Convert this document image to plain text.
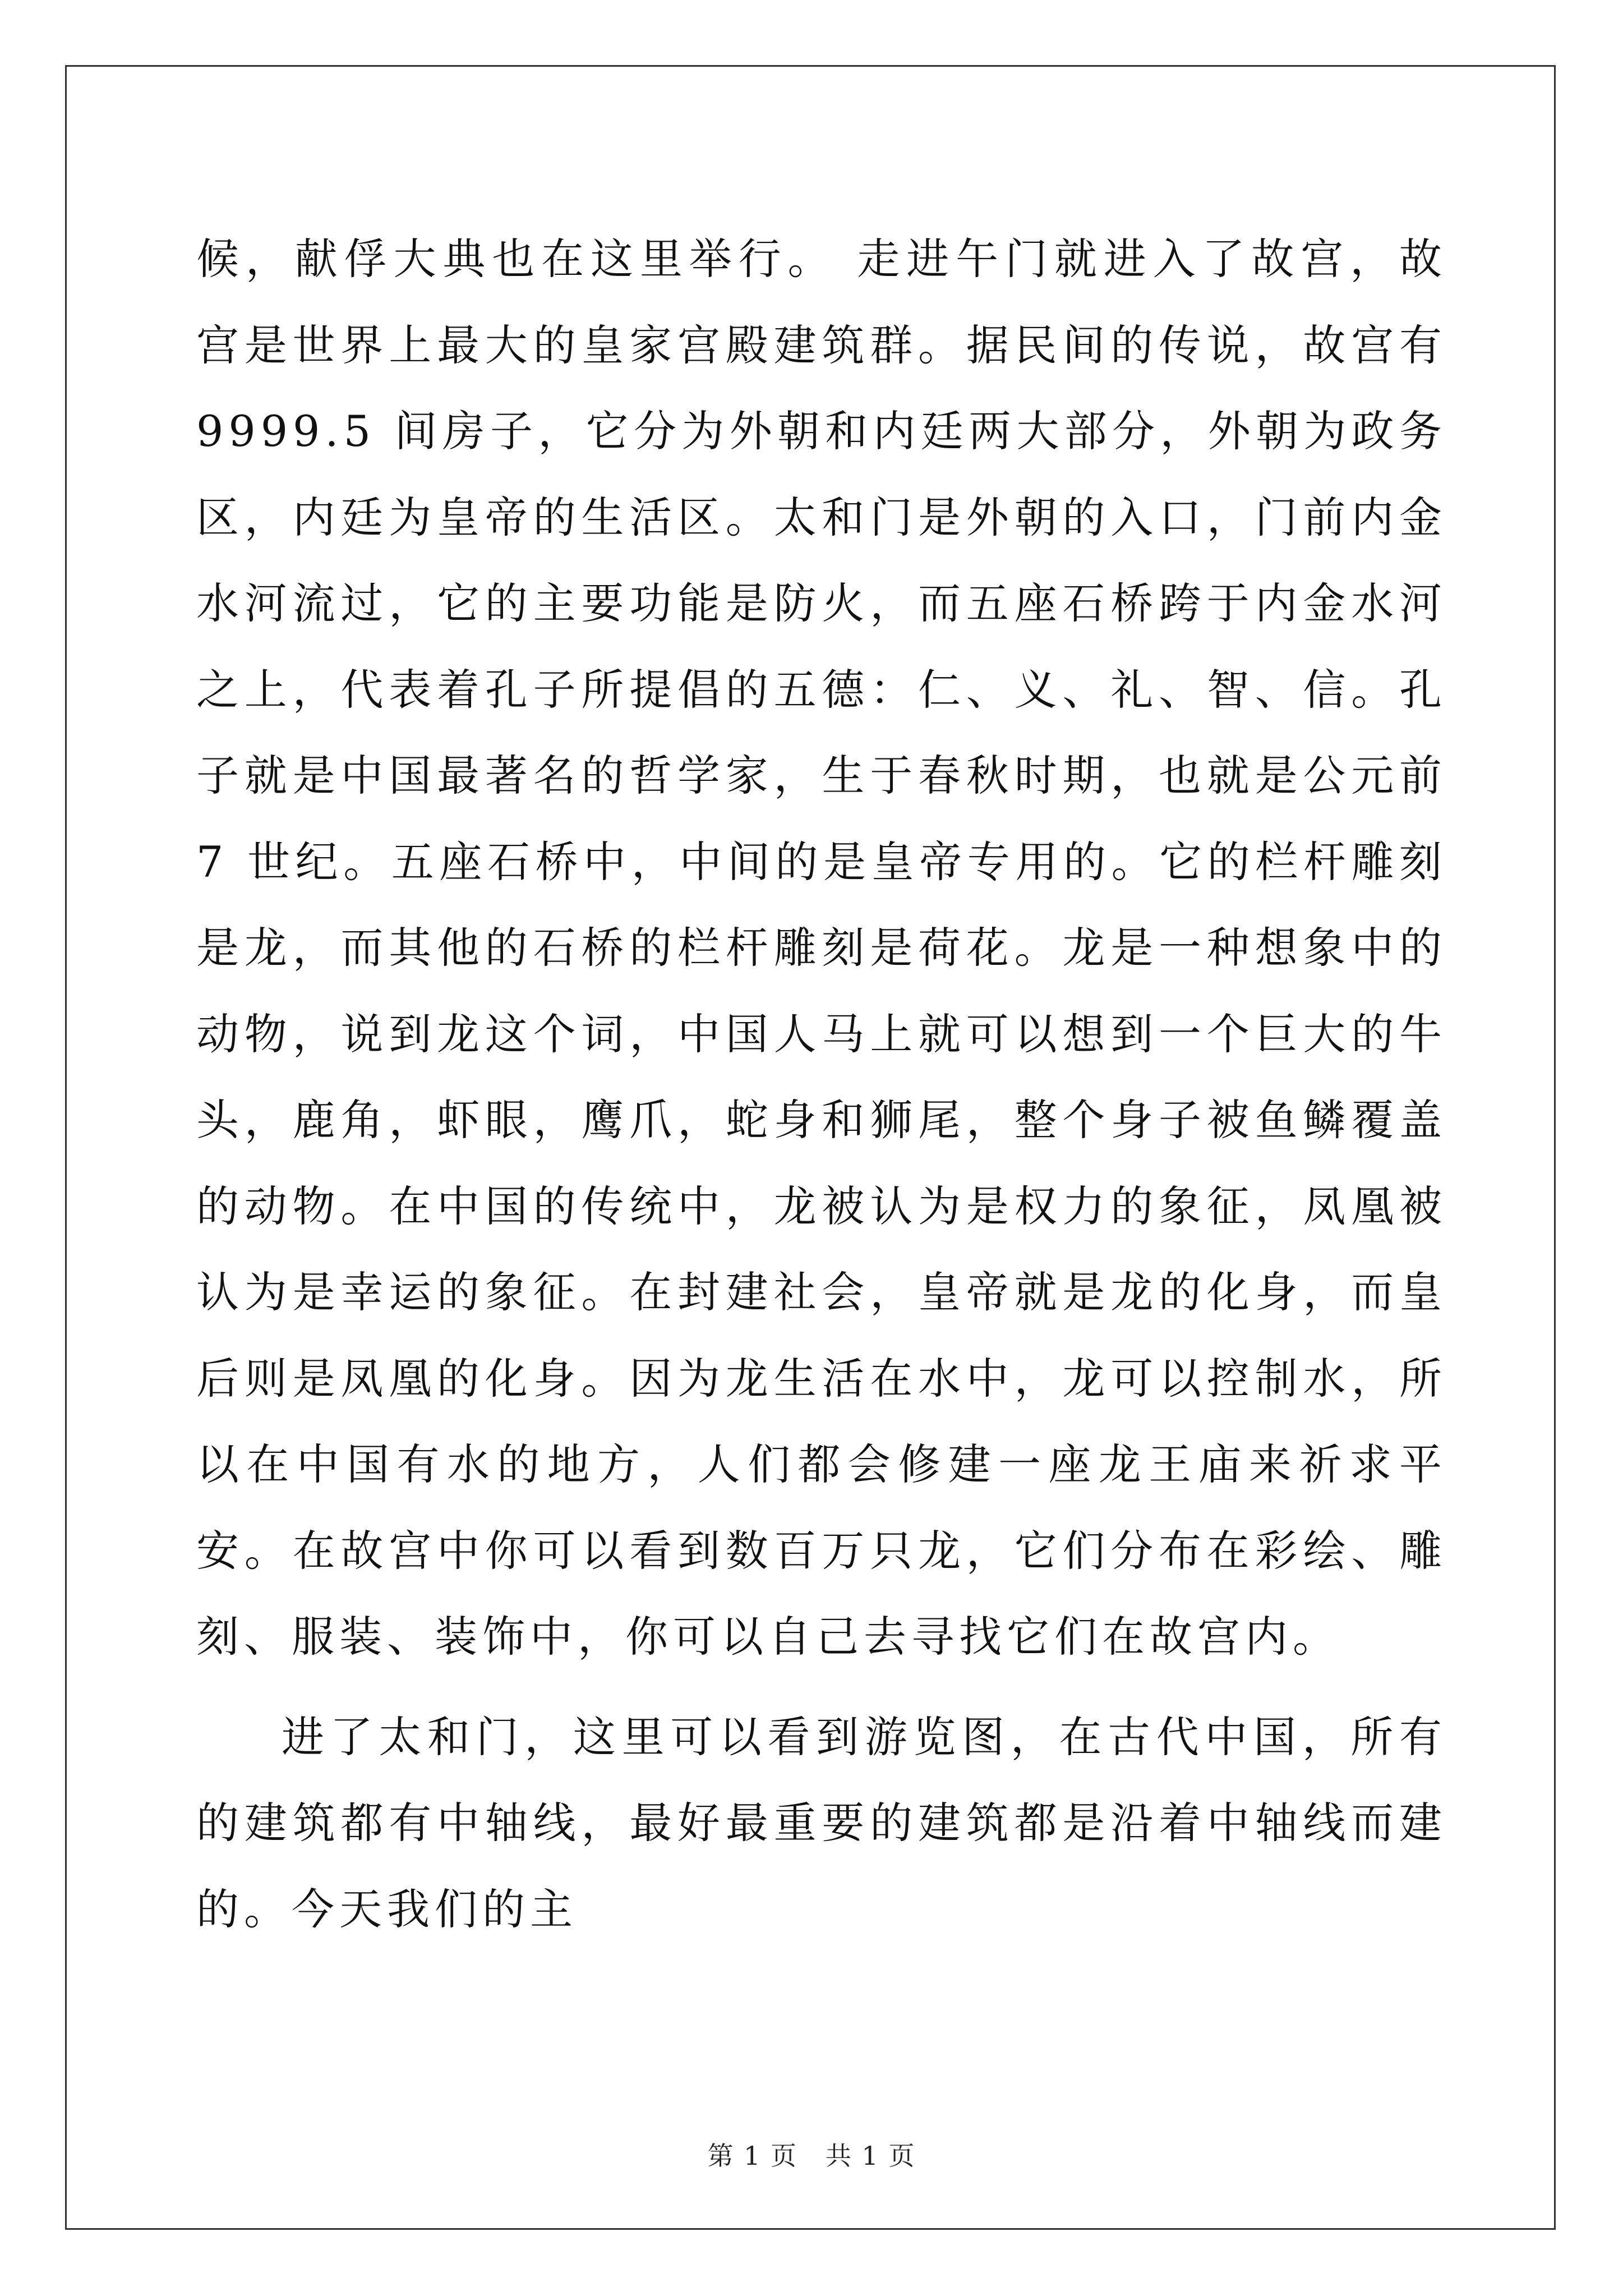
候，献俘大典也在这里举行。 走进午门就进入了故宫，故宫是世界上最大的皇家宫殿建筑群。据民间的传说，故宫有 9999.5 间房子，它分为外朝和内廷两大部分，外朝为政务区，内廷为皇帝的生活区。太和门是外朝的入口，门前内金水河流过，它的主要功能是防火，而五座石桥跨于内金水河之上，代表着孔子所提倡的五德：仁、义、礼、智、信。孔子就是中国最著名的哲学家，生于春秋时期，也就是公元前 7 世纪。五座石桥中，中间的是皇帝专用的。它的栏杆雕刻是龙，而其他的石桥的栏杆雕刻是荷花。龙是一种想象中的动物，说到龙这个词，中国人马上就可以想到一个巨大的牛头，鹿角，虾眼，鹰爪，蛇身和狮尾，整个身子被鱼鳞覆盖的动物。在中国的传统中，龙被认为是权力的象征，凤凰被认为是幸运的象征。在封建社会，皇帝就是龙的化身，而皇后则是凤凰的化身。因为龙生活在水中，龙可以控制水，所以在中国有水的地方，人们都会修建一座龙王庙来祈求平安。在故宫中你可以看到数百万只龙，它们分布在彩绘、雕刻、服装、装饰中，你可以自己去寻找它们在故宫内。

进了太和门，这里可以看到游览图，在古代中国，所有的建筑都有中轴线，最好最重要的建筑都是沿着中轴线而建的。今天我们的主

第 1 页 共 1 页
